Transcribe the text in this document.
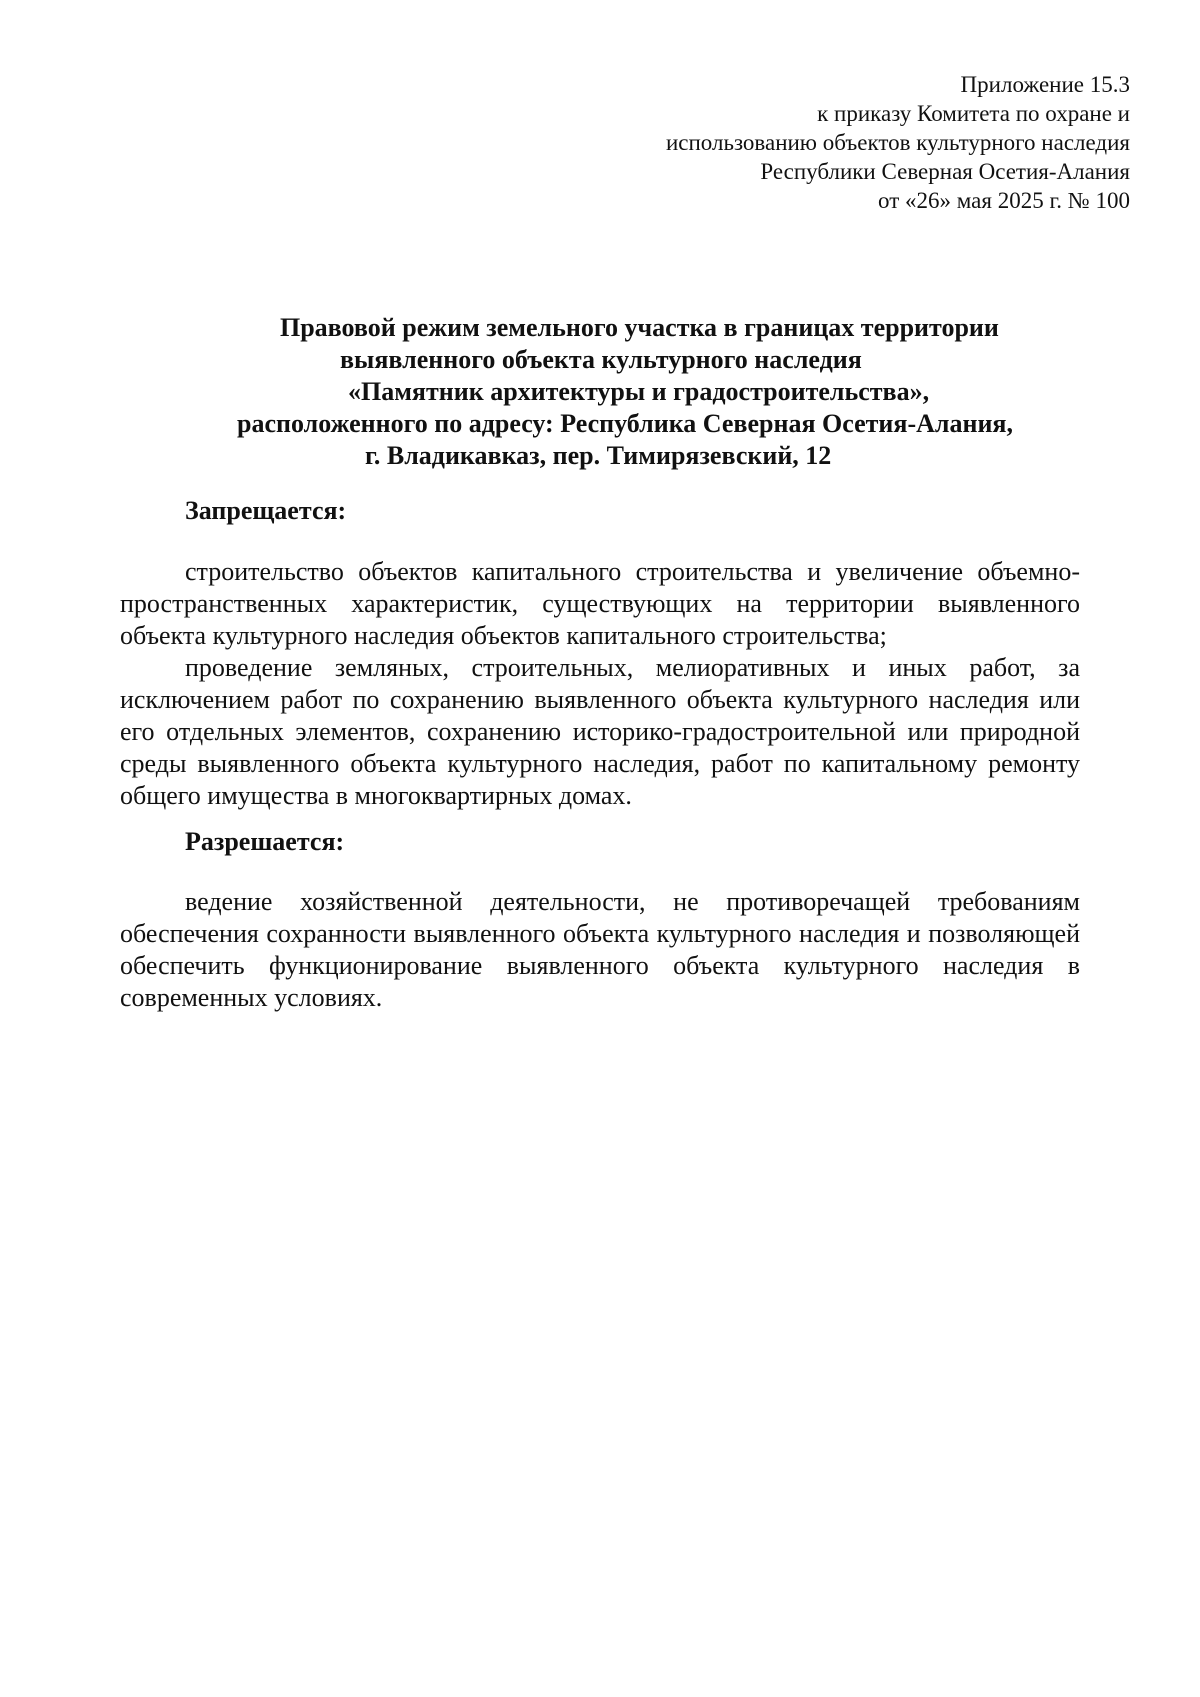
Приложение 15.3
к приказу Комитета по охране и
использованию объектов культурного наследия
Республики Северная Осетия-Алания
от «26» мая 2025 г. № 100
Правовой режим земельного участка в границах территории
выявленного объекта культурного наследия
«Памятник архитектуры и градостроительства»,
расположенного по адресу: Республика Северная Осетия-Алания,
г. Владикавказ, пер. Тимирязевский, 12
Запрещается:

строительство объектов капитального строительства и увеличение объемно-пространственных характеристик, существующих на территории выявленного объекта культурного наследия объектов капитального строительства;

проведение земляных, строительных, мелиоративных и иных работ, за исключением работ по сохранению выявленного объекта культурного наследия или его отдельных элементов, сохранению историко-градостроительной или природной среды выявленного объекта культурного наследия, работ по капитальному ремонту общего имущества в многоквартирных домах.

Разрешается:

ведение хозяйственной деятельности, не противоречащей требованиям обеспечения сохранности выявленного объекта культурного наследия и позволяющей обеспечить функционирование выявленного объекта культурного наследия в современных условиях.
